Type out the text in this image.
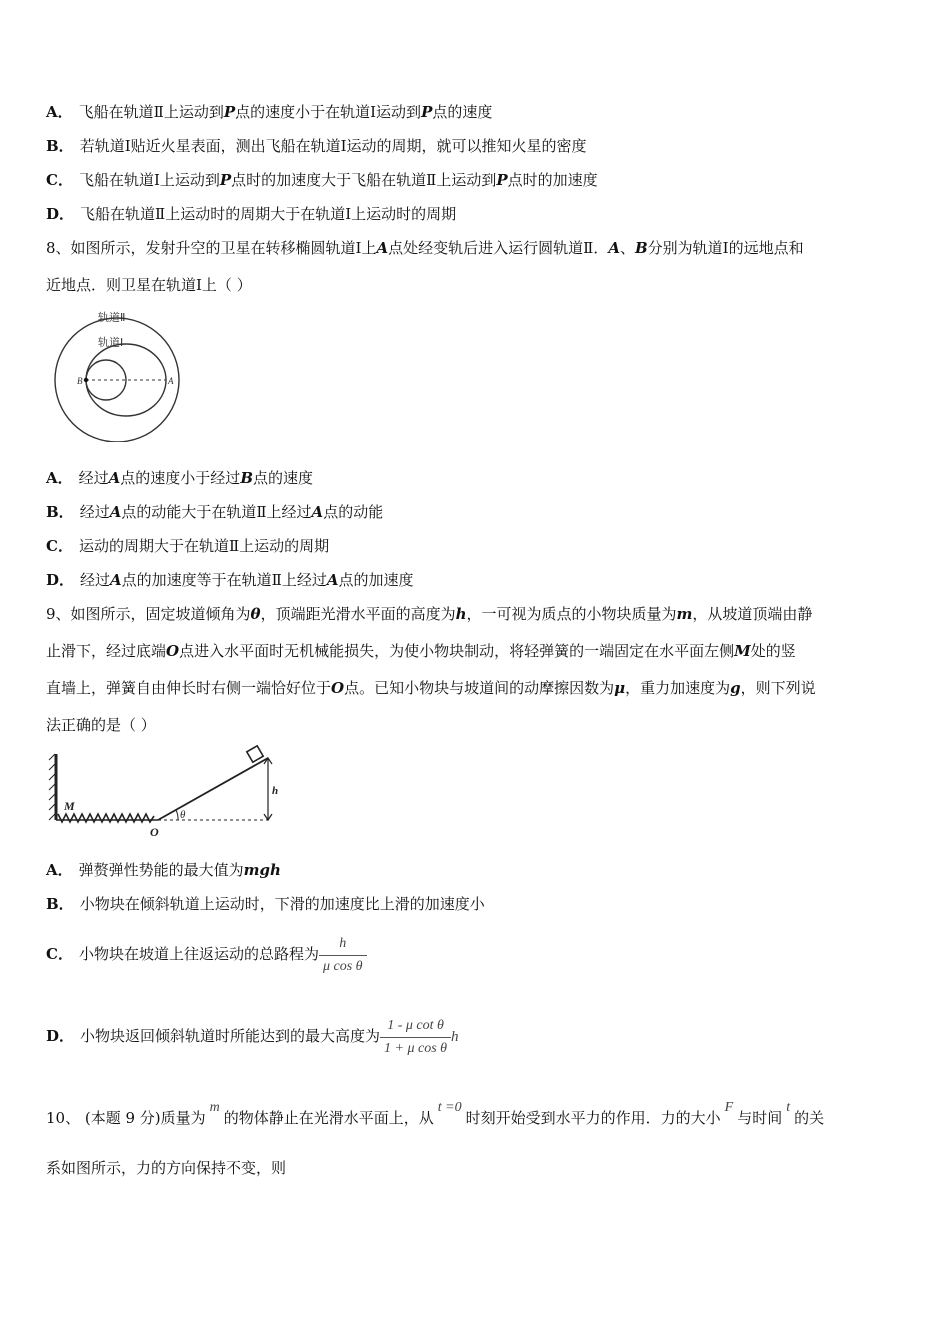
A． 飞船在轨道Ⅱ上运动到P点的速度小于在轨道Ⅰ运动到P点的速度
B． 若轨道Ⅰ贴近火星表面，测出飞船在轨道Ⅰ运动的周期，就可以推知火星的密度
C． 飞船在轨道Ⅰ上运动到P点时的加速度大于飞船在轨道Ⅱ上运动到P点时的加速度
D． 飞船在轨道Ⅱ上运动时的周期大于在轨道Ⅰ上运动时的周期
8、如图所示，发射升空的卫星在转移椭圆轨道Ⅰ上A点处经变轨后进入运行圆轨道Ⅱ．A、B分别为轨道Ⅰ的远地点和
近地点．则卫星在轨道Ⅰ上（ ）
轨道Ⅱ
轨道Ⅰ
B	A
A． 经过A点的速度小于经过B点的速度
B． 经过A点的动能大于在轨道Ⅱ上经过A点的动能
C． 运动的周期大于在轨道Ⅱ上运动的周期
D． 经过A点的加速度等于在轨道Ⅱ上经过A点的加速度
9、如图所示，固定坡道倾角为θ，顶端距光滑水平面的高度为h，一可视为质点的小物块质量为m，从坡道顶端由静
止滑下，经过底端O点进入水平面时无机械能损失，为使小物块制动，将轻弹簧的一端固定在水平面左侧M处的竖
直墙上，弹簧自由伸长时右侧一端恰好位于O点。已知小物块与坡道间的动摩擦因数为μ，重力加速度为g，则下列说
法正确的是（ ）
M
O
θ
h
A． 弹赘弹性势能的最大值为mgh
B． 小物块在倾斜轨道上运动时，下滑的加速度比上滑的加速度小
C． 小物块在坡道上往返运动的总路程为 $\frac{h}{\text{μ cos θ}}$
D． 小物块返回倾斜轨道时所能达到的最大高度为 $\frac{\text{1 - μ cot θ}}{\text{1 + μ cos θ}}$ h
10、 (本题 9 分)质量为m的物体静止在光滑水平面上，从t =0时刻开始受到水平力的作用．力的大小F与时间t的关
系如图所示，力的方向保持不变，则
